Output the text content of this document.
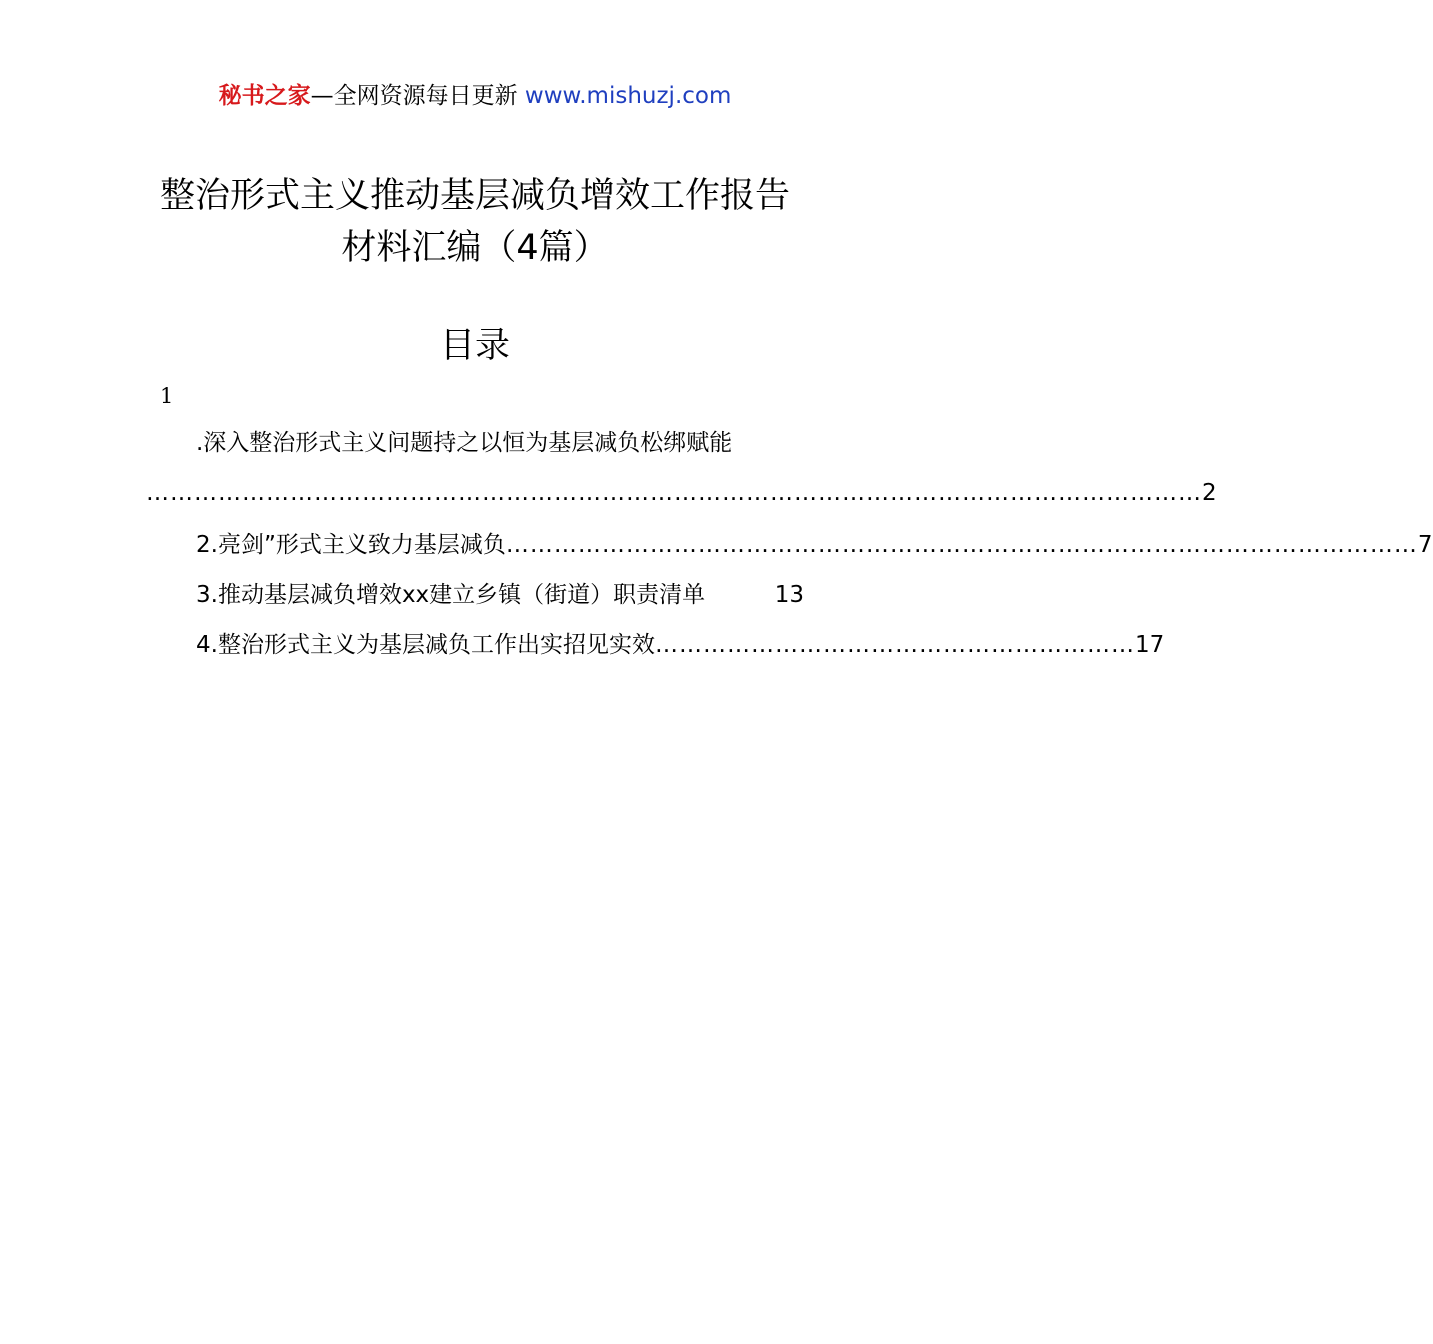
秘书之家—全网资源每日更新 www.mishuzj.com
整治形式主义推动基层减负增效工作报告
材料汇编（4篇）
目录
1
.深入整治形式主义问题持之以恒为基层减负松绑赋能
…………………………………………………………………………………………………………………… 2
2.亮剑”形式主义致力基层减负 …………………………………………………………………………………………………… 7
3.推动基层减负增效xx建立乡镇（街道）职责清单	13
4.整治形式主义为基层减负工作出实招见实效 …………………………………………………… 17
